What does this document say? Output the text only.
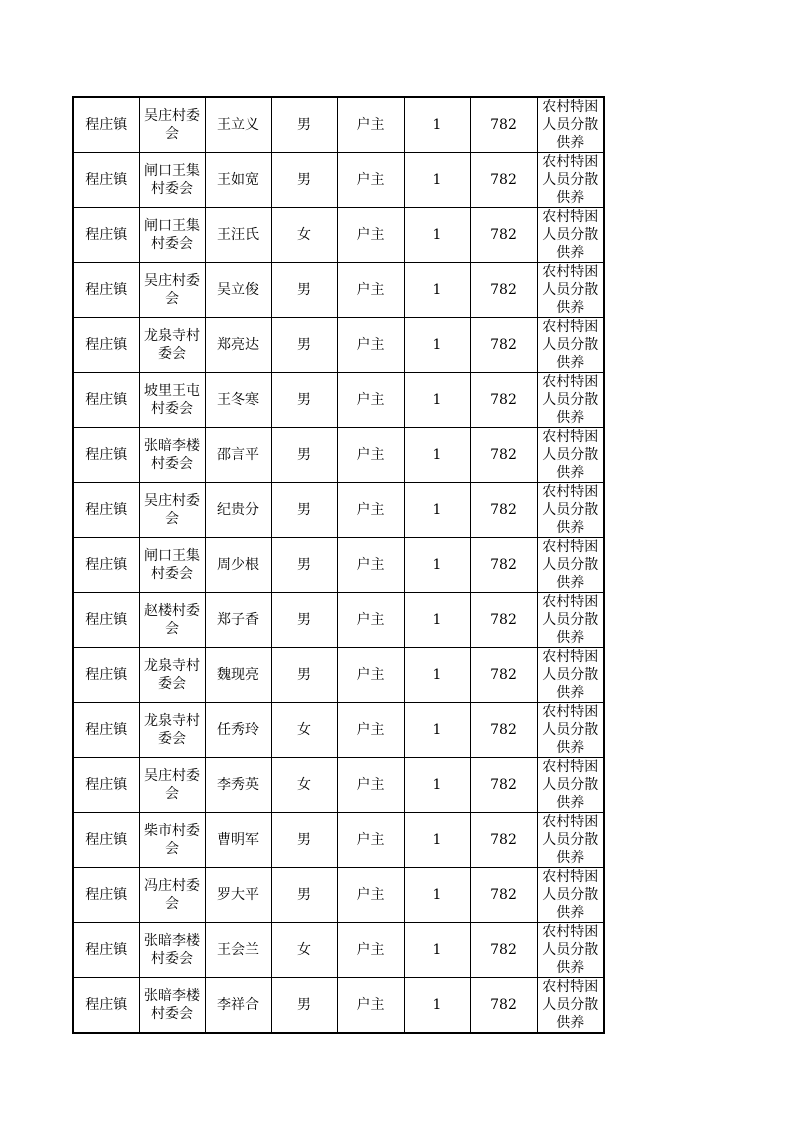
程庄镇	吴庄村委会	王立义	男	户主	1	782	农村特困人员分散供养

程庄镇	闸口王集村委会	王如宽	男	户主	1	782	农村特困人员分散供养

程庄镇	闸口王集村委会	王汪氏	女	户主	1	782	农村特困人员分散供养

程庄镇	吴庄村委会	吴立俊	男	户主	1	782	农村特困人员分散供养

程庄镇	龙泉寺村委会	郑亮达	男	户主	1	782	农村特困人员分散供养

程庄镇	坡里王屯村委会	王冬寒	男	户主	1	782	农村特困人员分散供养

程庄镇	张暗李楼村委会	邵言平	男	户主	1	782	农村特困人员分散供养

程庄镇	吴庄村委会	纪贵分	男	户主	1	782	农村特困人员分散供养

程庄镇	闸口王集村委会	周少根	男	户主	1	782	农村特困人员分散供养

程庄镇	赵楼村委会	郑子香	男	户主	1	782	农村特困人员分散供养

程庄镇	龙泉寺村委会	魏现亮	男	户主	1	782	农村特困人员分散供养

程庄镇	龙泉寺村委会	任秀玲	女	户主	1	782	农村特困人员分散供养

程庄镇	吴庄村委会	李秀英	女	户主	1	782	农村特困人员分散供养

程庄镇	柴市村委会	曹明军	男	户主	1	782	农村特困人员分散供养

程庄镇	冯庄村委会	罗大平	男	户主	1	782	农村特困人员分散供养

程庄镇	张暗李楼村委会	王会兰	女	户主	1	782	农村特困人员分散供养

程庄镇	张暗李楼村委会	李祥合	男	户主	1	782	农村特困人员分散供养
